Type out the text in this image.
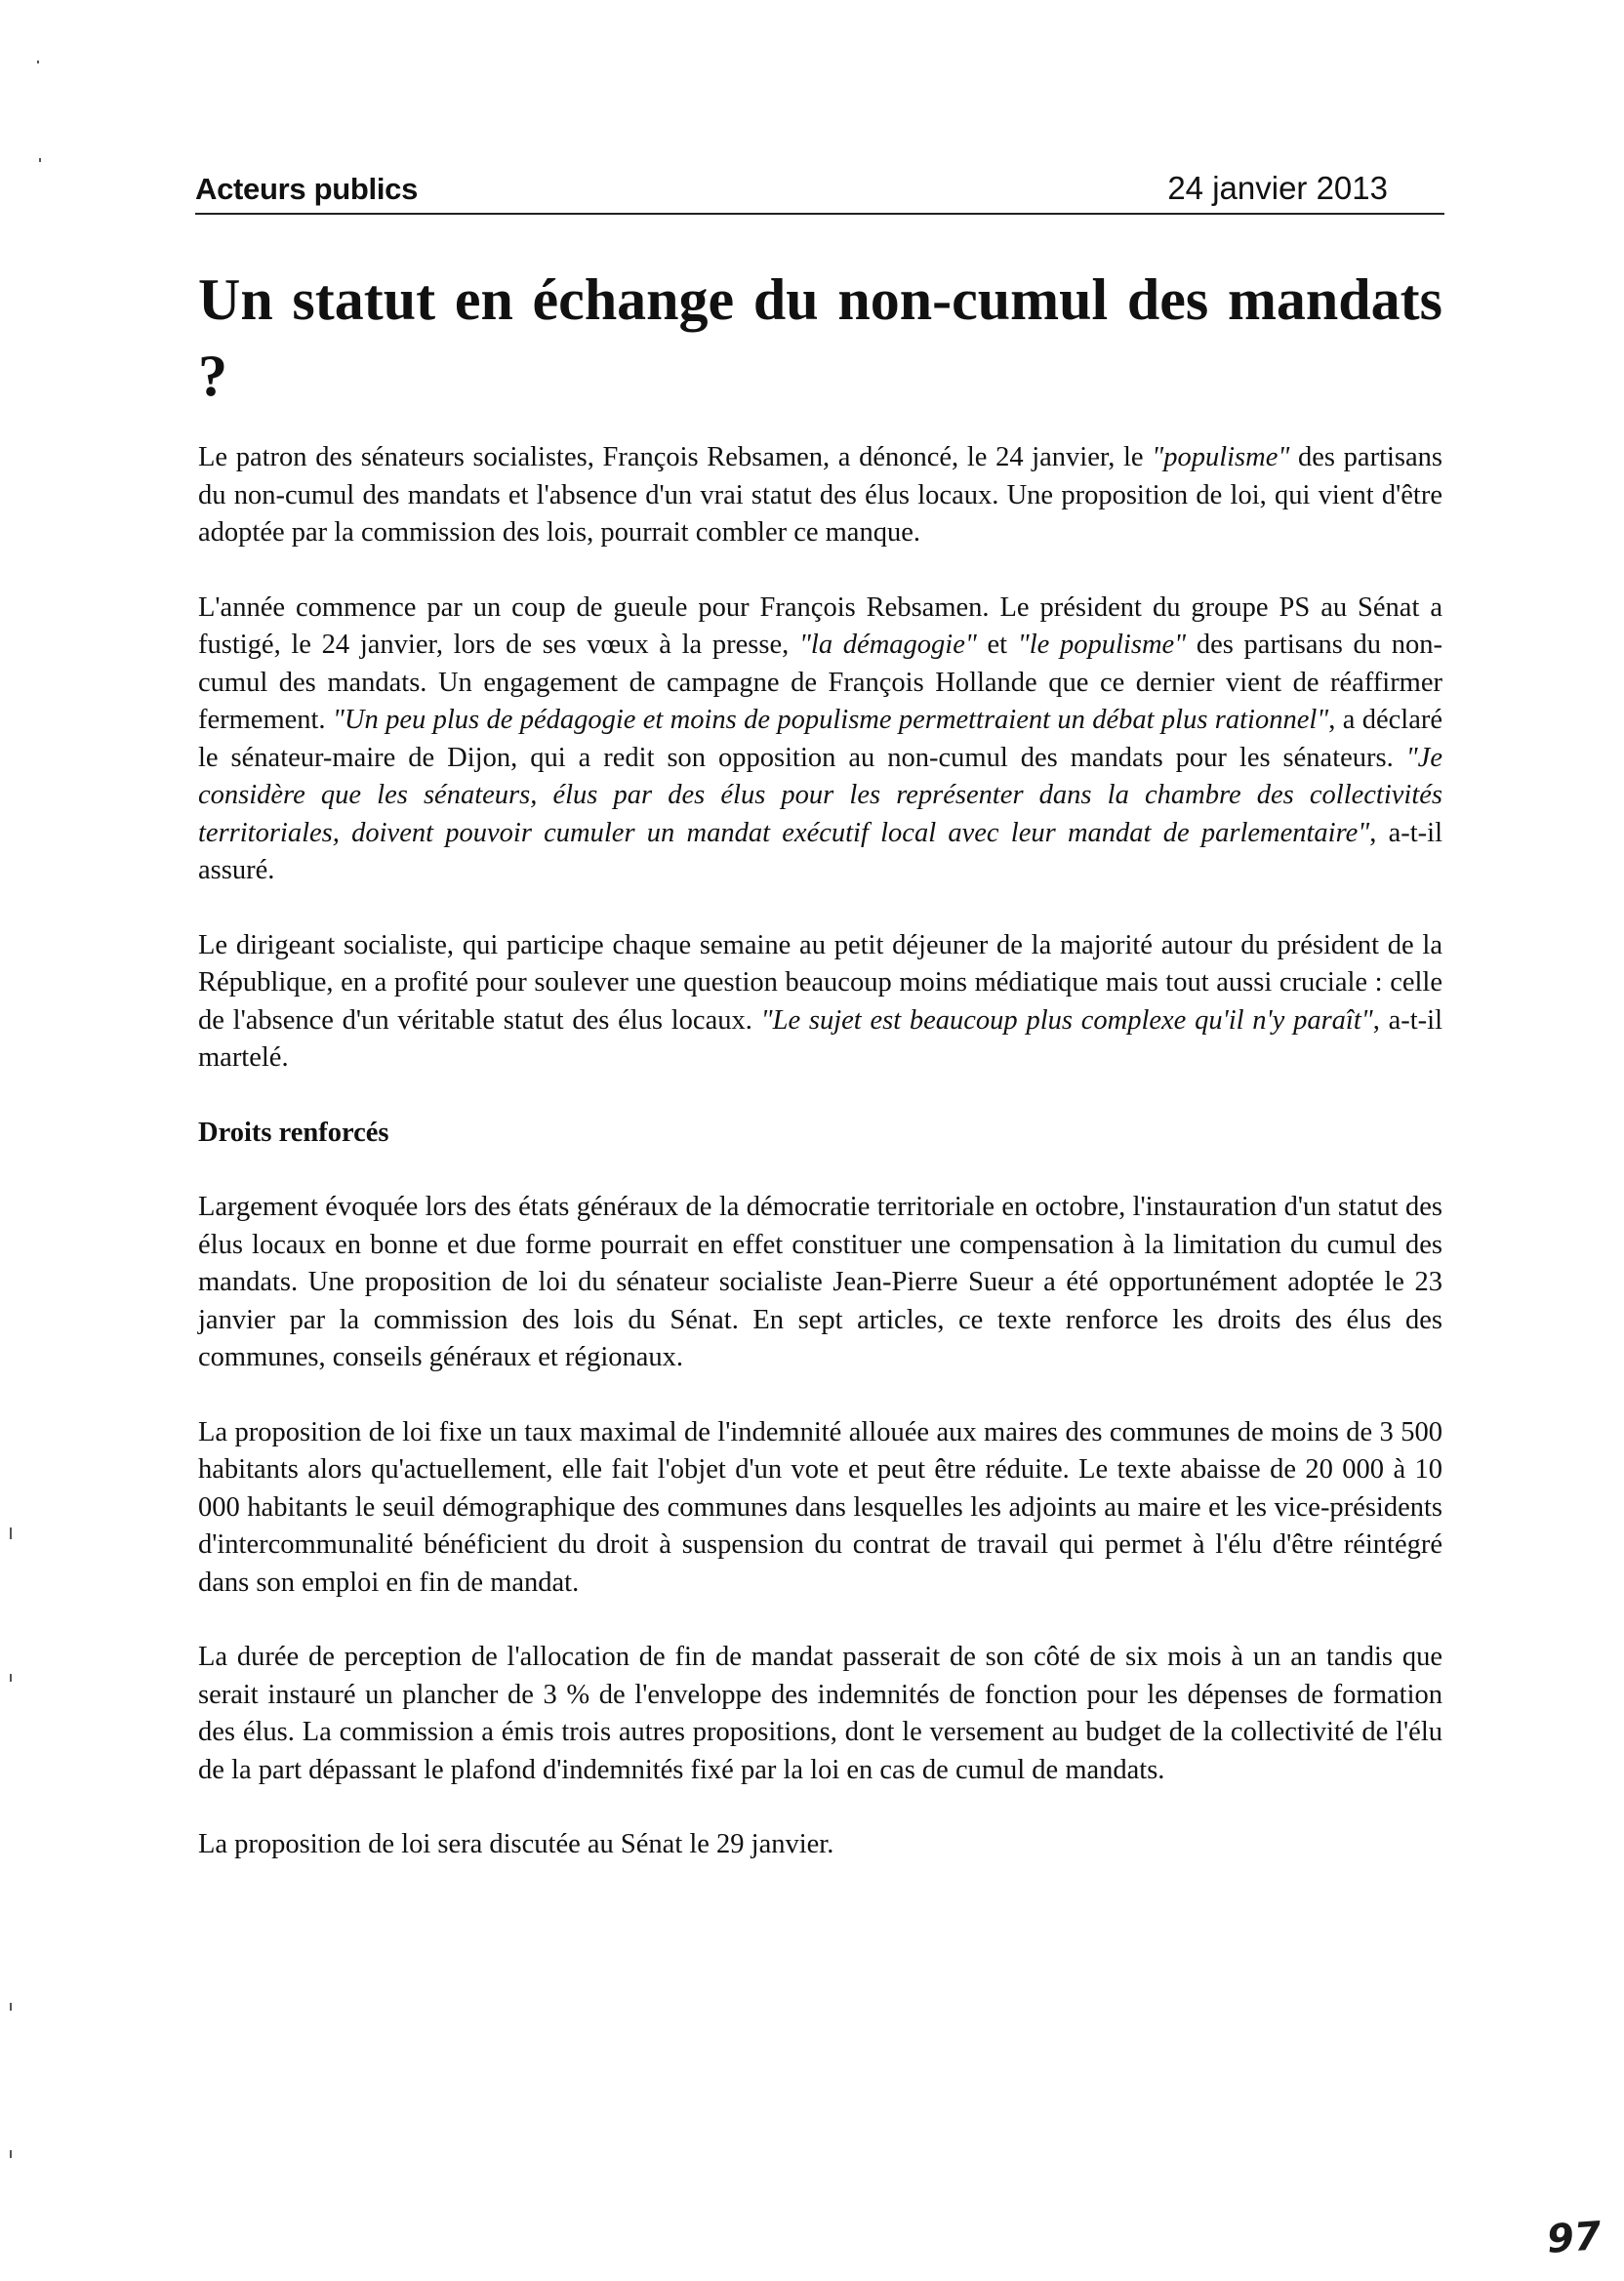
Acteurs publics	24 janvier 2013
Un statut en échange du non-cumul des mandats ?

Le patron des sénateurs socialistes, François Rebsamen, a dénoncé, le 24 janvier, le "populisme" des partisans du non-cumul des mandats et l'absence d'un vrai statut des élus locaux. Une proposition de loi, qui vient d'être adoptée par la commission des lois, pourrait combler ce manque.

L'année commence par un coup de gueule pour François Rebsamen. Le président du groupe PS au Sénat a fustigé, le 24 janvier, lors de ses vœux à la presse, "la démagogie" et "le populisme" des partisans du non-cumul des mandats. Un engagement de campagne de François Hollande que ce dernier vient de réaffirmer fermement. "Un peu plus de pédagogie et moins de populisme permettraient un débat plus rationnel", a déclaré le sénateur-maire de Dijon, qui a redit son opposition au non-cumul des mandats pour les sénateurs. "Je considère que les sénateurs, élus par des élus pour les représenter dans la chambre des collectivités territoriales, doivent pouvoir cumuler un mandat exécutif local avec leur mandat de parlementaire", a-t-il assuré.

Le dirigeant socialiste, qui participe chaque semaine au petit déjeuner de la majorité autour du président de la République, en a profité pour soulever une question beaucoup moins médiatique mais tout aussi cruciale : celle de l'absence d'un véritable statut des élus locaux. "Le sujet est beaucoup plus complexe qu'il n'y paraît", a-t-il martelé.

Droits renforcés

Largement évoquée lors des états généraux de la démocratie territoriale en octobre, l'instauration d'un statut des élus locaux en bonne et due forme pourrait en effet constituer une compensation à la limitation du cumul des mandats. Une proposition de loi du sénateur socialiste Jean-Pierre Sueur a été opportunément adoptée le 23 janvier par la commission des lois du Sénat. En sept articles, ce texte renforce les droits des élus des communes, conseils généraux et régionaux.

La proposition de loi fixe un taux maximal de l'indemnité allouée aux maires des communes de moins de 3 500 habitants alors qu'actuellement, elle fait l'objet d'un vote et peut être réduite. Le texte abaisse de 20 000 à 10 000 habitants le seuil démographique des communes dans lesquelles les adjoints au maire et les vice-présidents d'intercommunalité bénéficient du droit à suspension du contrat de travail qui permet à l'élu d'être réintégré dans son emploi en fin de mandat.

La durée de perception de l'allocation de fin de mandat passerait de son côté de six mois à un an tandis que serait instauré un plancher de 3 % de l'enveloppe des indemnités de fonction pour les dépenses de formation des élus. La commission a émis trois autres propositions, dont le versement au budget de la collectivité de l'élu de la part dépassant le plafond d'indemnités fixé par la loi en cas de cumul de mandats.

La proposition de loi sera discutée au Sénat le 29 janvier.

97
